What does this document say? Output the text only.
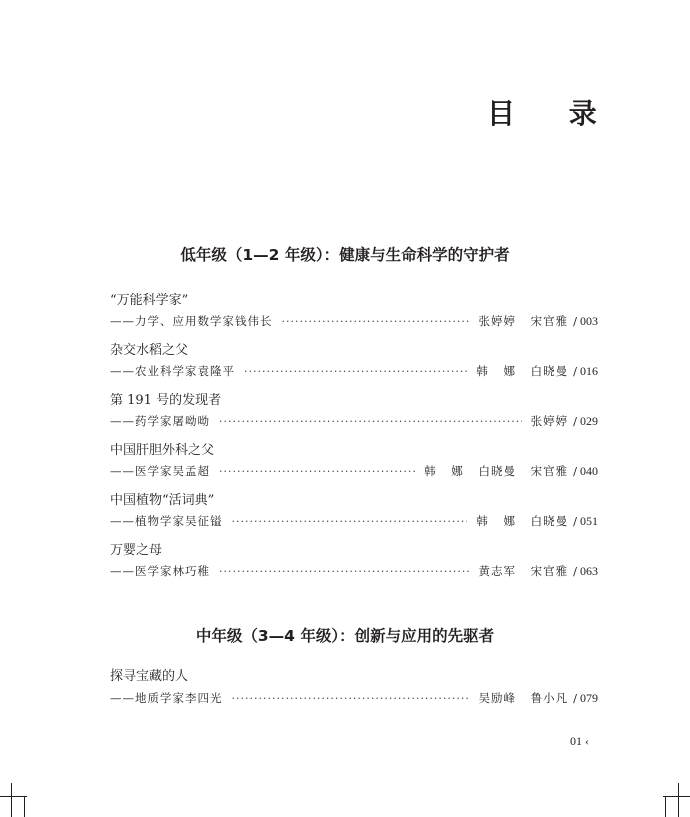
目 录
低年级（1—2 年级）：健康与生命科学的守护者
“万能科学家”
——力学、应用数学家钱伟长 ·····	张婷婷 宋官雅 / 003
杂交水稻之父
——农业科学家袁隆平 ·····	韩 娜 白晓曼 / 016
第 191 号的发现者
——药学家屠呦呦 ·····	张婷婷 / 029
中国肝胆外科之父
——医学家吴孟超 ·····	韩 娜 白晓曼 宋官雅 / 040
中国植物“活词典”
——植物学家吴征镒 ·····	韩 娜 白晓曼 / 051
万婴之母
——医学家林巧稚 ·····	黄志军 宋官雅 / 063
中年级（3—4 年级）：创新与应用的先驱者
探寻宝藏的人
——地质学家李四光 ·····	吴励峰 鲁小凡 / 079
01 ‹
